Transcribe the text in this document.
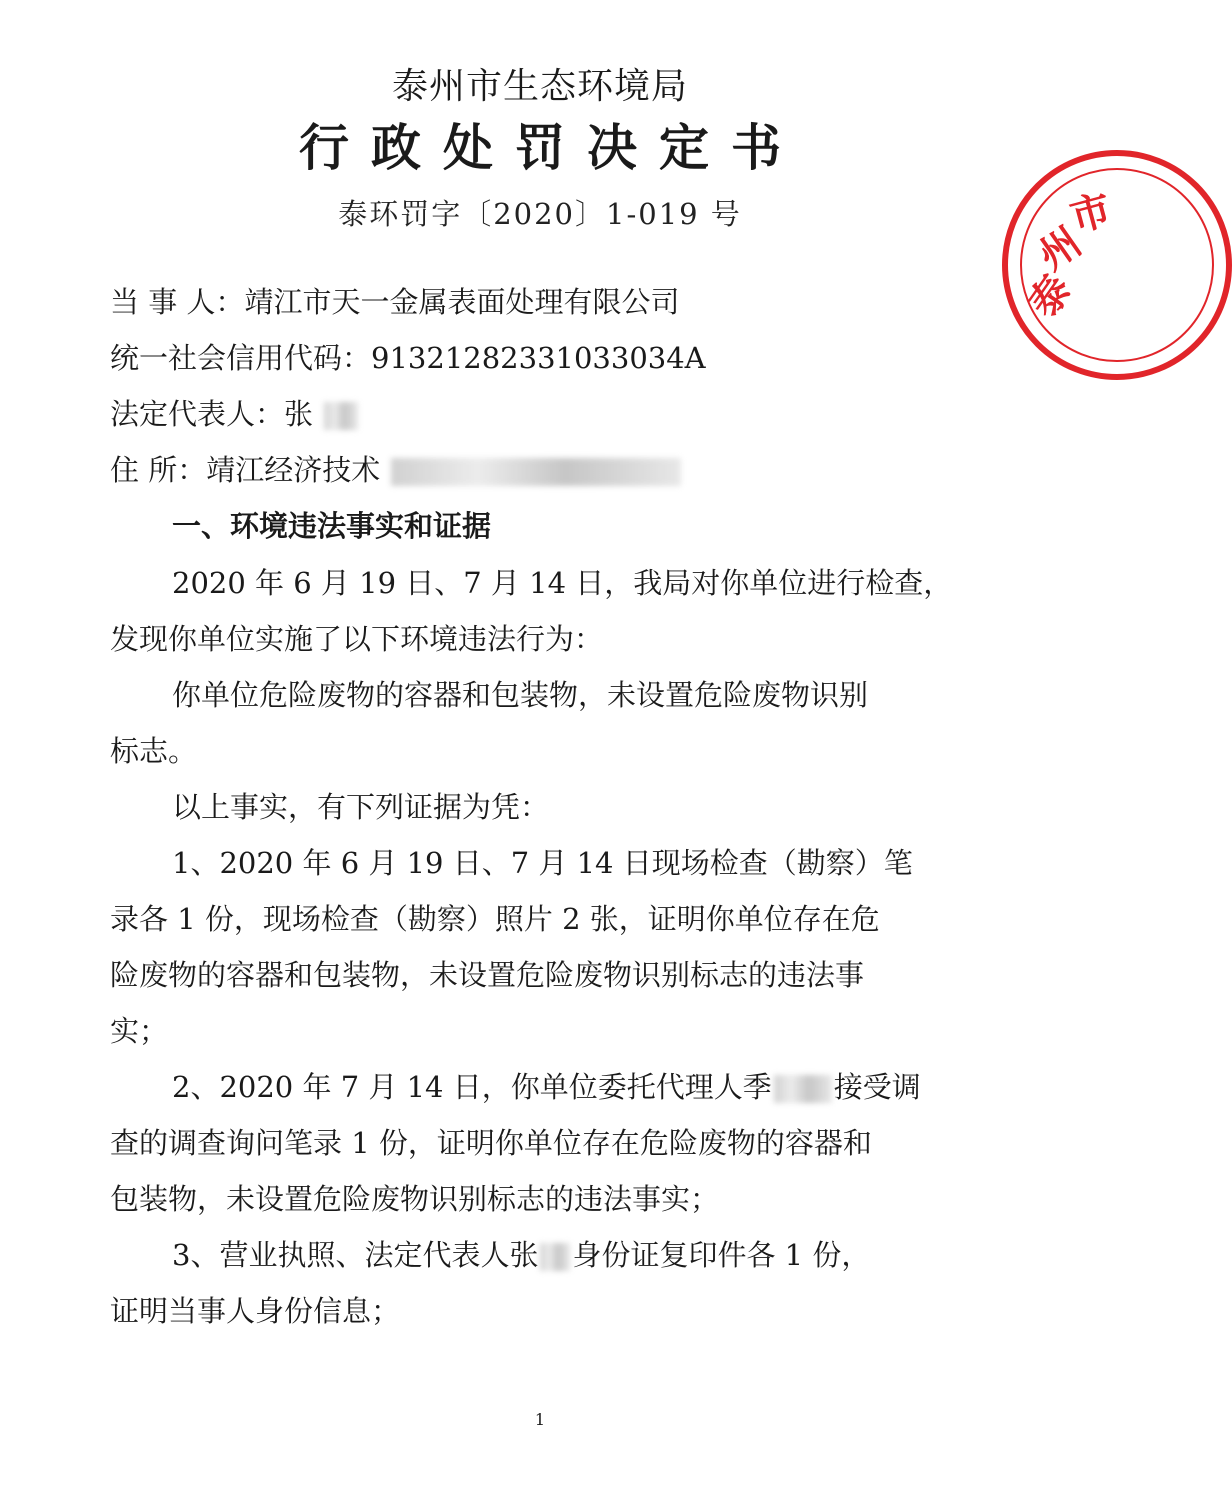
泰州市生态环境局
行政处罚决定书
泰环罚字〔2020〕1-019 号
当 事 人：靖江市天一金属表面处理有限公司
统一社会信用代码：91321282331033034A
法定代表人：张
住 所：靖江经济技术
一、环境违法事实和证据
2020 年 6 月 19 日、7 月 14 日，我局对你单位进行检查，
发现你单位实施了以下环境违法行为：
你单位危险废物的容器和包装物，未设置危险废物识别
标志。
以上事实，有下列证据为凭：
1、2020 年 6 月 19 日、7 月 14 日现场检查（勘察）笔
录各 1 份，现场检查（勘察）照片 2 张，证明你单位存在危
险废物的容器和包装物，未设置危险废物识别标志的违法事
实；
2、2020 年 7 月 14 日，你单位委托代理人季 接受调
查的调查询问笔录 1 份，证明你单位存在危险废物的容器和
包装物，未设置危险废物识别标志的违法事实；
3、营业执照、法定代表人张 身份证复印件各 1 份，
证明当事人身份信息；
1
泰
州
市
